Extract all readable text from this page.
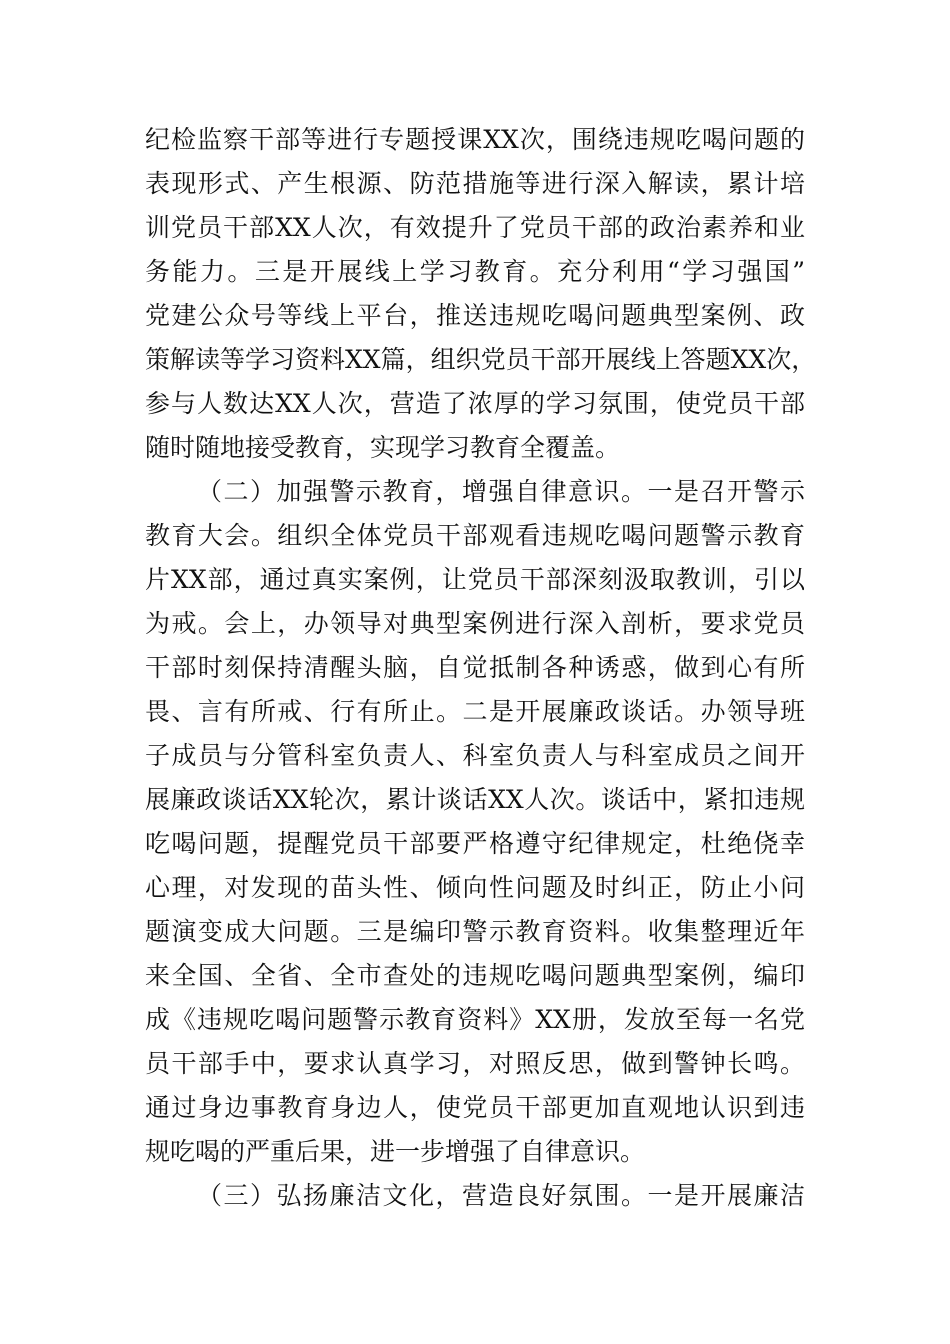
纪检监察干部等进行专题授课XX次，围绕违规吃喝问题的
表现形式、产生根源、防范措施等进行深入解读，累计培
训党员干部XX人次，有效提升了党员干部的政治素养和业
务能力。三是开展线上学习教育。充分利用“学习强国”
党建公众号等线上平台，推送违规吃喝问题典型案例、政
策解读等学习资料XX篇，组织党员干部开展线上答题XX次，
参与人数达XX人次，营造了浓厚的学习氛围，使党员干部
随时随地接受教育，实现学习教育全覆盖。
（二）加强警示教育，增强自律意识。一是召开警示
教育大会。组织全体党员干部观看违规吃喝问题警示教育
片XX部，通过真实案例，让党员干部深刻汲取教训，引以
为戒。会上，办领导对典型案例进行深入剖析，要求党员
干部时刻保持清醒头脑，自觉抵制各种诱惑，做到心有所
畏、言有所戒、行有所止。二是开展廉政谈话。办领导班
子成员与分管科室负责人、科室负责人与科室成员之间开
展廉政谈话XX轮次，累计谈话XX人次。谈话中，紧扣违规
吃喝问题，提醒党员干部要严格遵守纪律规定，杜绝侥幸
心理，对发现的苗头性、倾向性问题及时纠正，防止小问
题演变成大问题。三是编印警示教育资料。收集整理近年
来全国、全省、全市查处的违规吃喝问题典型案例，编印
成《违规吃喝问题警示教育资料》XX册，发放至每一名党
员干部手中，要求认真学习，对照反思，做到警钟长鸣。
通过身边事教育身边人，使党员干部更加直观地认识到违
规吃喝的严重后果，进一步增强了自律意识。
（三）弘扬廉洁文化，营造良好氛围。一是开展廉洁
